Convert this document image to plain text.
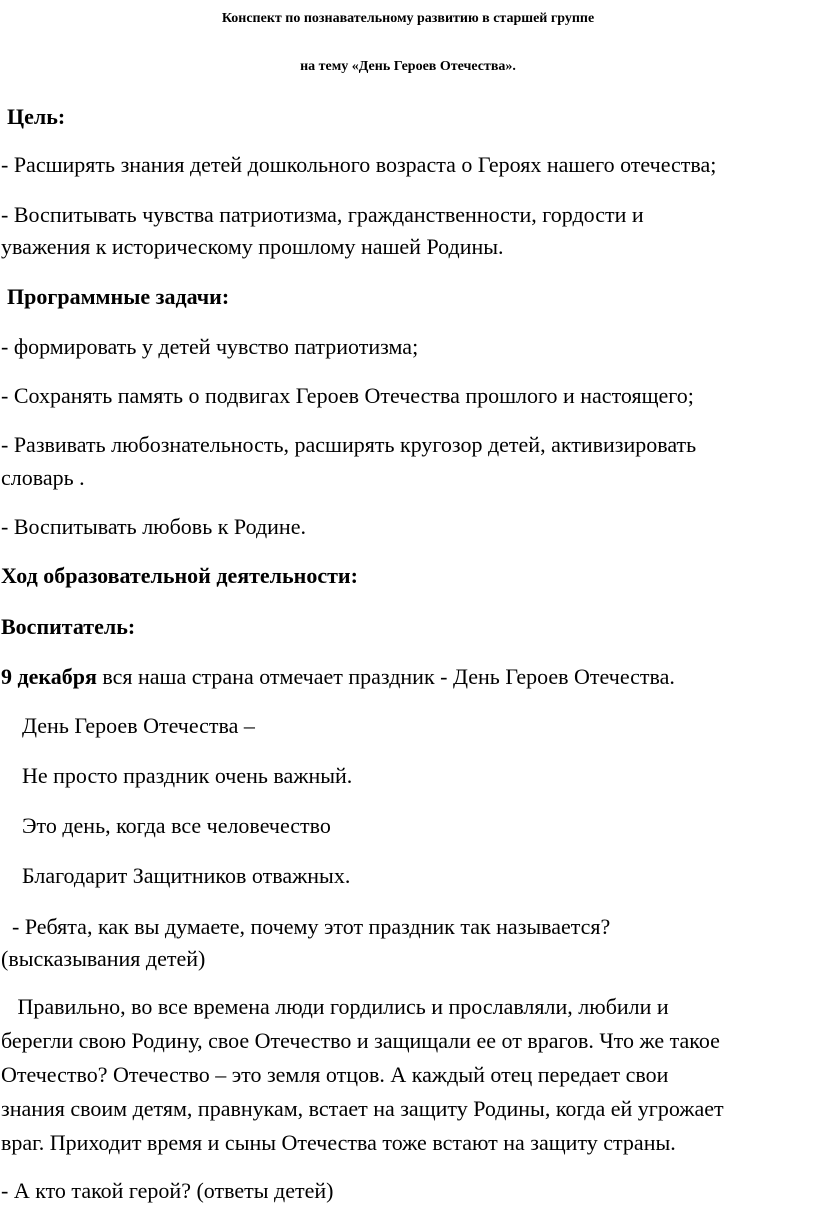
Конспект по познавательному развитию в старшей группе
на тему «День Героев Отечества».
Цель:
- Расширять знания детей дошкольного возраста о Героях нашего отечества;
- Воспитывать чувства патриотизма, гражданственности, гордости и
уважения к историческому прошлому нашей Родины.
Программные задачи:
- формировать у детей чувство патриотизма;
- Сохранять память о подвигах Героев Отечества прошлого и настоящего;
- Развивать любознательность, расширять кругозор детей, активизировать
словарь .
- Воспитывать любовь к Родине.
Ход образовательной деятельности:
Воспитатель:
9 декабря вся наша страна отмечает праздник - День Героев Отечества.
День Героев Отечества –
Не просто праздник очень важный.
Это день, когда все человечество
Благодарит Защитников отважных.
- Ребята, как вы думаете, почему этот праздник так называется?
(высказывания детей)
Правильно, во все времена люди гордились и прославляли, любили и
берегли свою Родину, свое Отечество и защищали ее от врагов. Что же такое
Отечество? Отечество – это земля отцов. А каждый отец передает свои
знания своим детям, правнукам, встает на защиту Родины, когда ей угрожает
враг. Приходит время и сыны Отечества тоже встают на защиту страны.
- А кто такой герой? (ответы детей)
